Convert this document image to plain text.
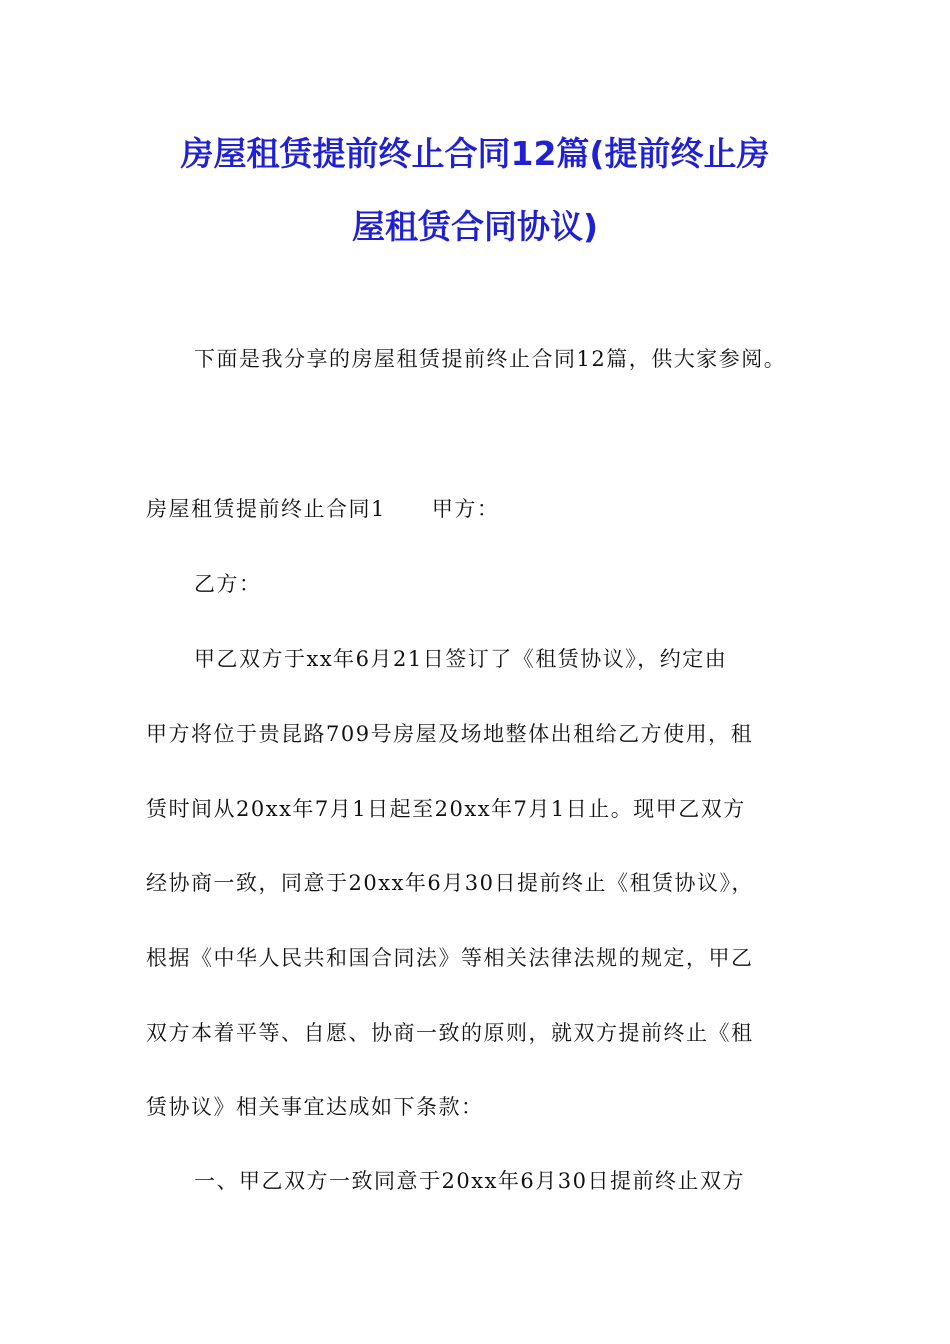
房屋租赁提前终止合同12篇(提前终止房
屋租赁合同协议)
下面是我分享的房屋租赁提前终止合同12篇，供大家参阅。
房屋租赁提前终止合同1 甲方：
乙方：
甲乙双方于xx年6月21日签订了《租赁协议》，约定由
甲方将位于贵昆路709号房屋及场地整体出租给乙方使用，租
赁时间从20xx年7月1日起至20xx年7月1日止。现甲乙双方
经协商一致，同意于20xx年6月30日提前终止《租赁协议》，
根据《中华人民共和国合同法》等相关法律法规的规定，甲乙
双方本着平等、自愿、协商一致的原则，就双方提前终止《租
赁协议》相关事宜达成如下条款：
一、甲乙双方一致同意于20xx年6月30日提前终止双方
